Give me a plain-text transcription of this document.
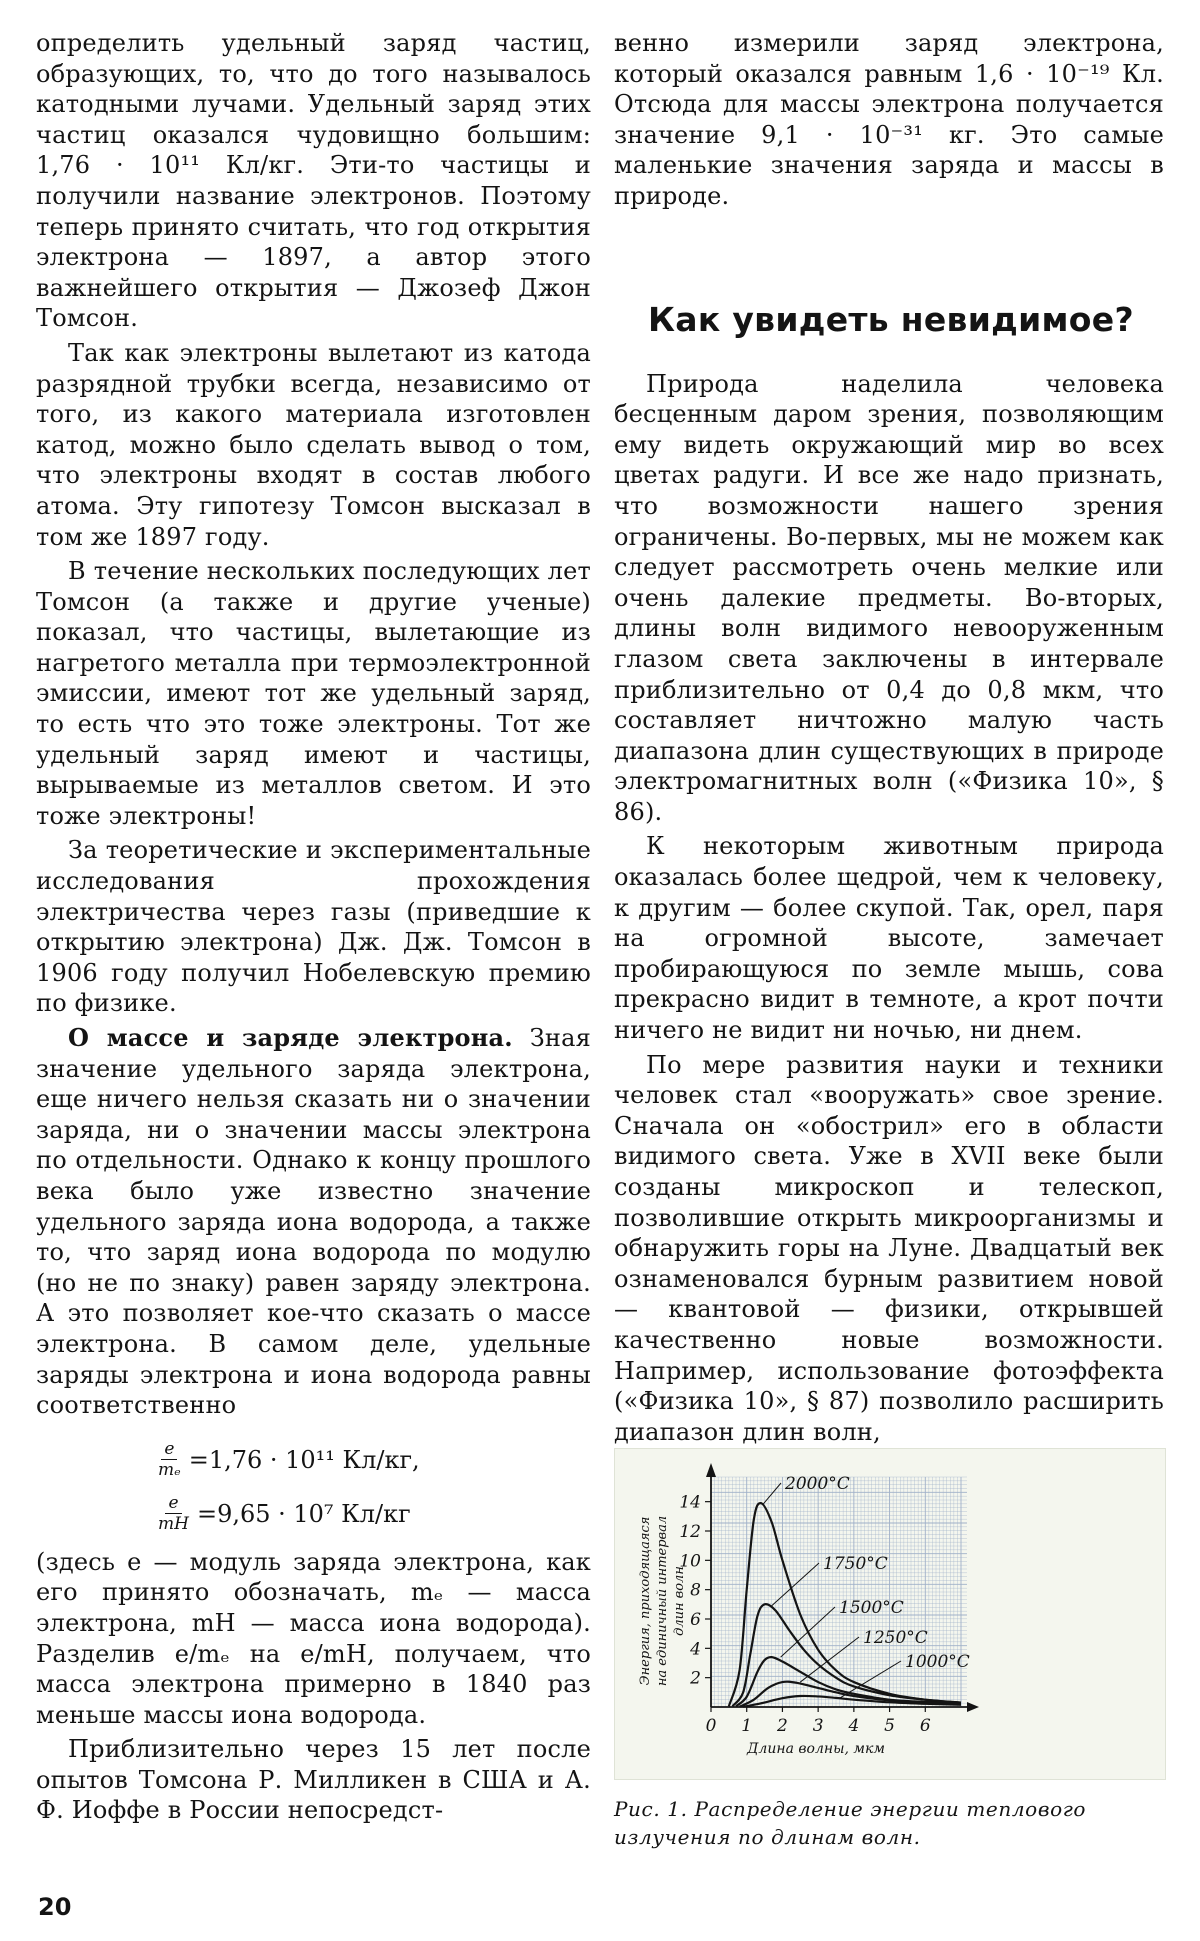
определить удельный заряд частиц, образующих, то, что до того называлось катодными лучами. Удельный заряд этих частиц оказался чудовищно большим: 1,76 · 10¹¹ Кл/кг. Эти-то частицы и получили название электронов. Поэтому теперь принято считать, что год открытия электрона — 1897, а автор этого важнейшего открытия — Джозеф Джон Томсон.

Так как электроны вылетают из катода разрядной трубки всегда, независимо от того, из какого материала изготовлен катод, можно было сделать вывод о том, что электроны входят в состав любого атома. Эту гипотезу Томсон высказал в том же 1897 году.

В течение нескольких последующих лет Томсон (а также и другие ученые) показал, что частицы, вылетающие из нагретого металла при термоэлектронной эмиссии, имеют тот же удельный заряд, то есть что это тоже электроны. Тот же удельный заряд имеют и частицы, вырываемые из металлов светом. И это тоже электроны!

За теоретические и экспериментальные исследования прохождения электричества через газы (приведшие к открытию электрона) Дж. Дж. Томсон в 1906 году получил Нобелевскую премию по физике.

О массе и заряде электрона. Зная значение удельного заряда электрона, еще ничего нельзя сказать ни о значении заряда, ни о значении массы электрона по отдельности. Однако к концу прошлого века было уже известно значение удельного заряда иона водорода, а также то, что заряд иона водорода по модулю (но не по знаку) равен заряду электрона. А это позволяет кое-что сказать о массе электрона. В самом деле, удельные заряды электрона и иона водорода равны соответственно

$\frac{e}{\text{mₑ}} =1,76 \cdot 10^{11}$ Кл/кг,
$\frac{e}{mH} =9,65 \cdot 10^7$ Кл/кг

(здесь e — модуль заряда электрона, как его принято обозначать, mₑ — масса электрона, mH — масса иона водорода). Разделив e/mₑ на e/mH, получаем, что масса электрона примерно в 1840 раз меньше массы иона водорода.

Приблизительно через 15 лет после опытов Томсона Р. Милликен в США и А. Ф. Иоффе в России непосредст-

венно измерили заряд электрона, который оказался равным 1,6 · 10⁻¹⁹ Кл. Отсюда для массы электрона получается значение 9,1 · 10⁻³¹ кг. Это самые маленькие значения заряда и массы в природе.

Как увидеть невидимое?

Природа наделила человека бесценным даром зрения, позволяющим ему видеть окружающий мир во всех цветах радуги. И все же надо признать, что возможности нашего зрения ограничены. Во-первых, мы не можем как следует рассмотреть очень мелкие или очень далекие предметы. Во-вторых, длины волн видимого невооруженным глазом света заключены в интервале приблизительно от 0,4 до 0,8 мкм, что составляет ничтожно малую часть диапазона длин существующих в природе электромагнитных волн («Физика 10», § 86).

К некоторым животным природа оказалась более щедрой, чем к человеку, к другим — более скупой. Так, орел, паря на огромной высоте, замечает пробирающуюся по земле мышь, сова прекрасно видит в темноте, а крот почти ничего не видит ни ночью, ни днем.

По мере развития науки и техники человек стал «вооружать» свое зрение. Сначала он «обострил» его в области видимого света. Уже в XVII веке были созданы микроскоп и телескоп, позволившие открыть микроорганизмы и обнаружить горы на Луне. Двадцатый век ознаменовался бурным развитием новой — квантовой — физики, открывшей качественно новые возможности. Например, использование фотоэффекта («Физика 10», § 87) позволило расширить диапазон длин волн,

0 1 2 3 4 5 6
2
4
6
8
10
12
14
Длина волны, мкм
Энергия, приходящаяся на единичный интервал длин волн
2000°C
1750°C
1500°C
1250°C
1000°C
Рис. 1. Распределение энергии теплового излучения по длинам волн.
20
